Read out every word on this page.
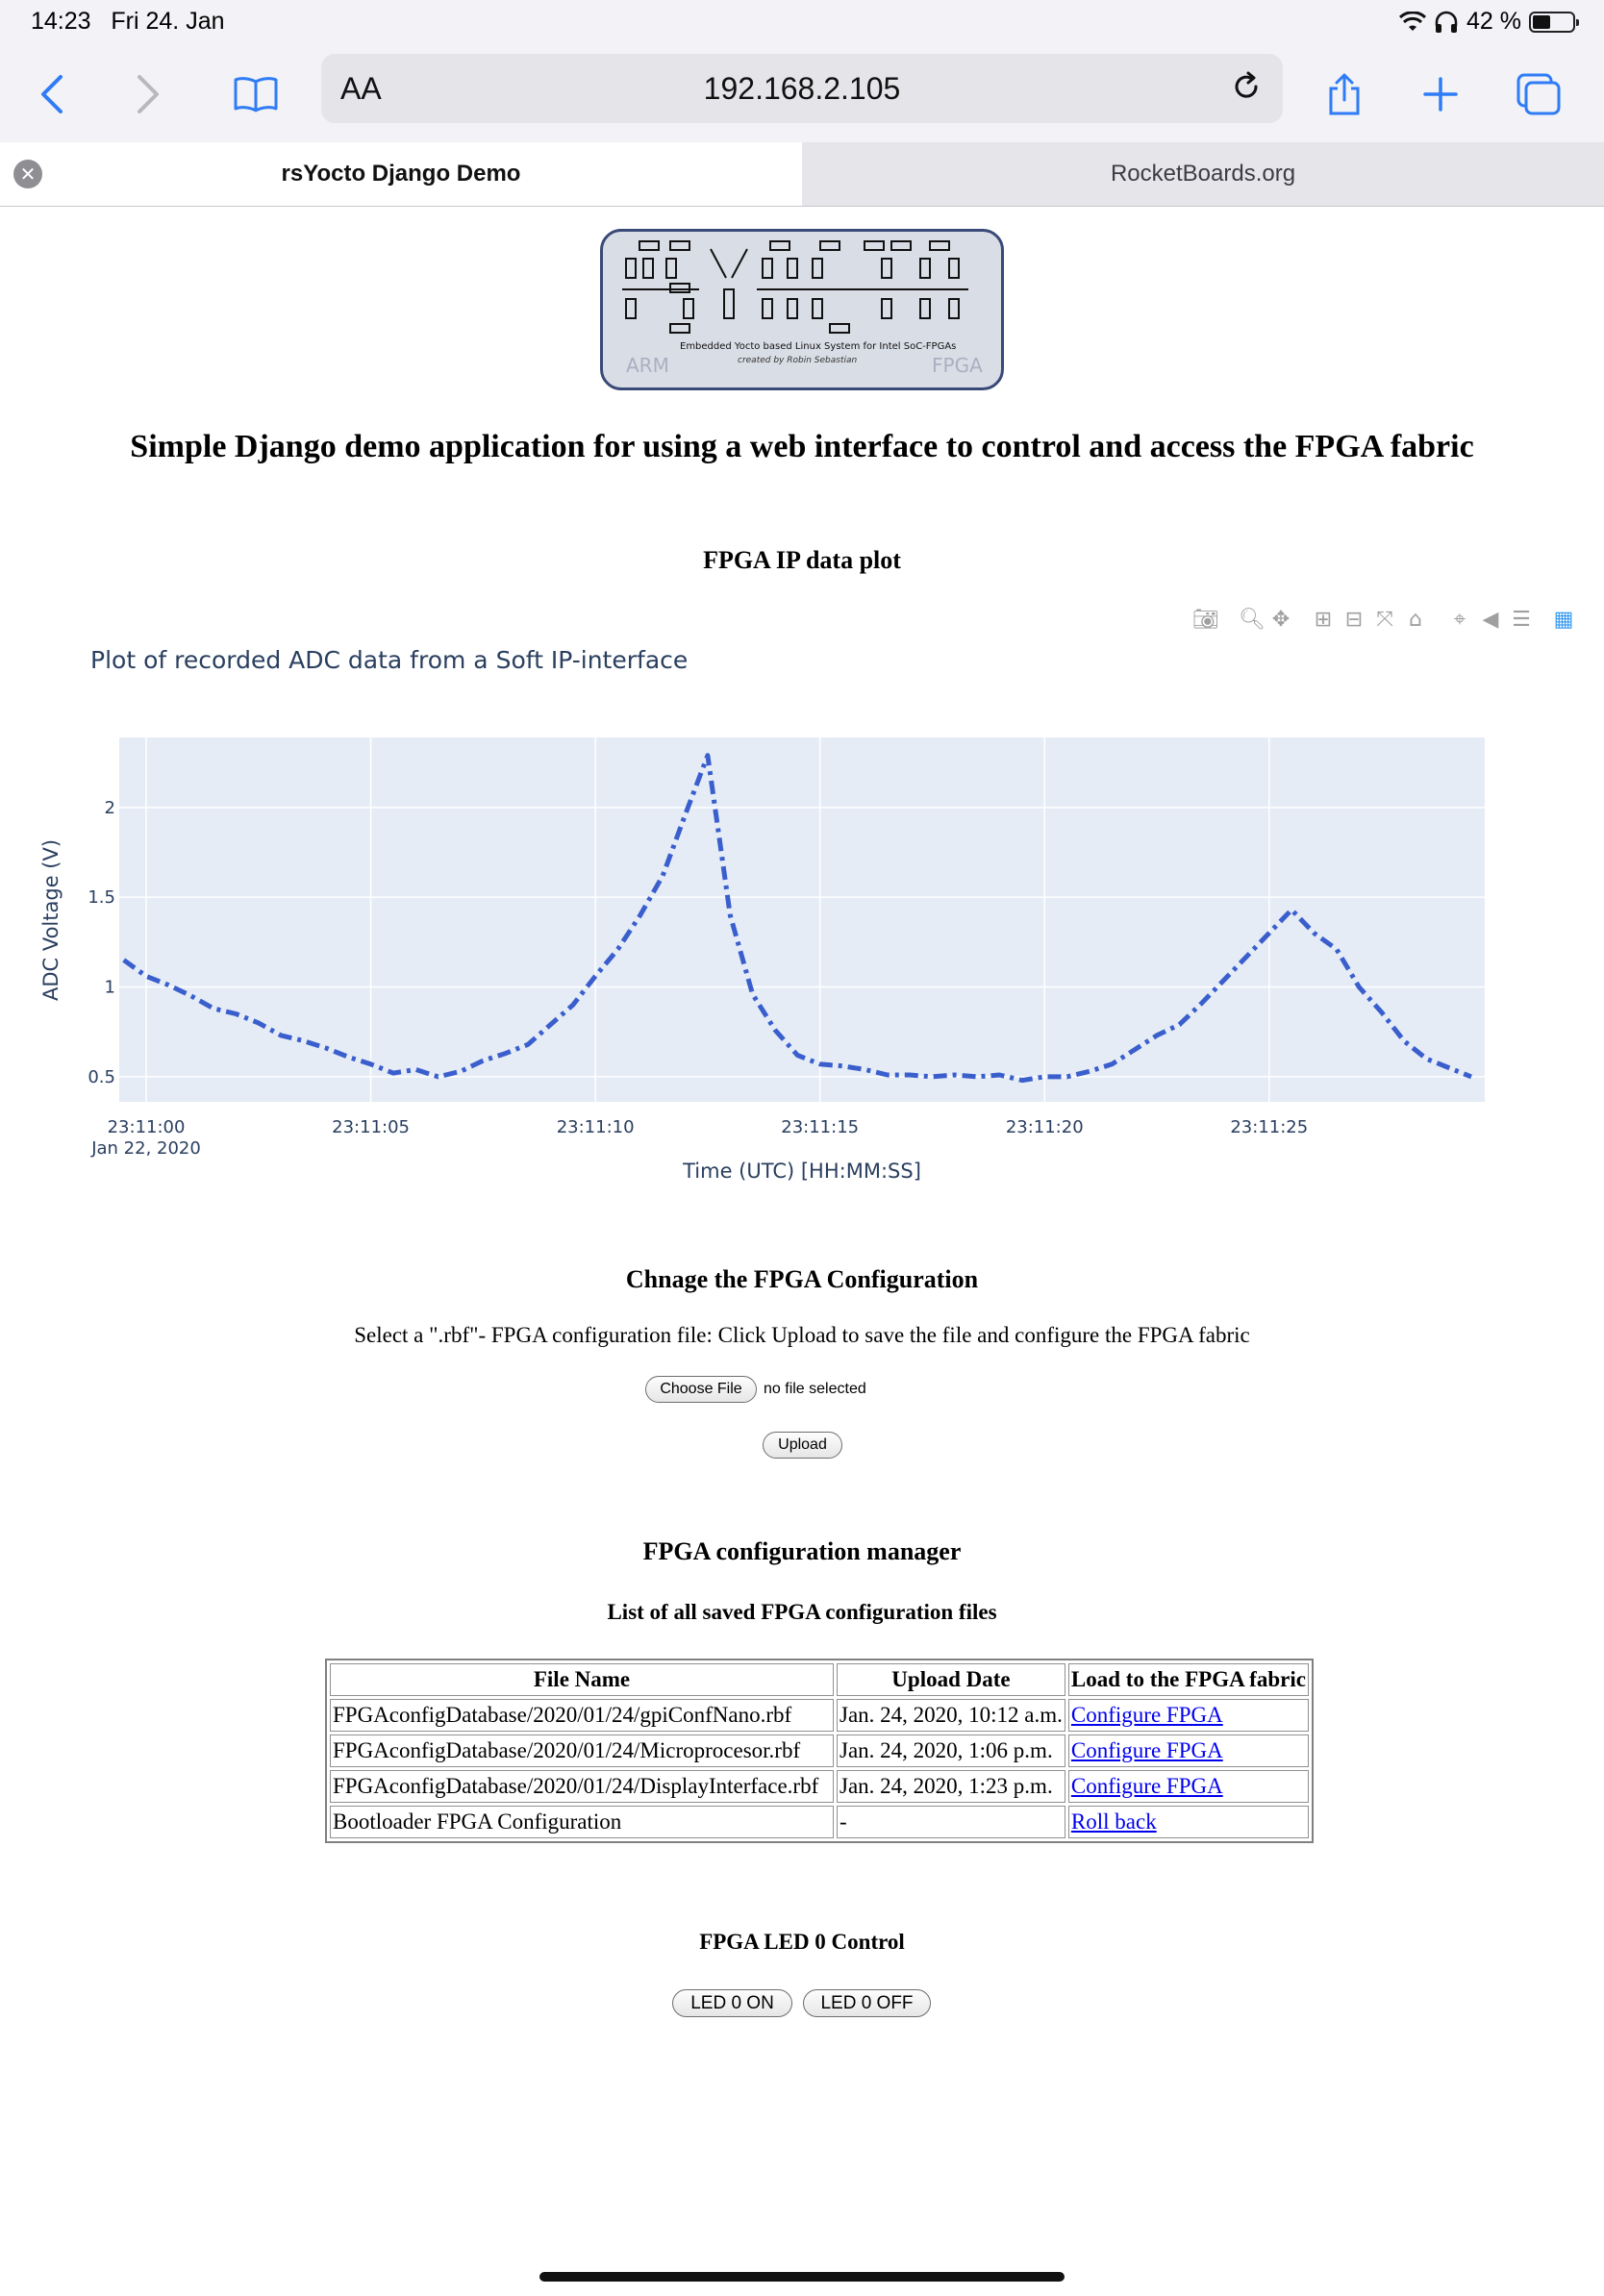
14:23 Fri 24. Jan	42 %
AA	192.168.2.105
rsYocto Django Demo
✕	RocketBoards.org
Embedded Yocto based Linux System for Intel SoC-FPGAs
created by Robin Sebastian
ARM	FPGA
Simple Django demo application for using a web interface to control and access the FPGA fabric
FPGA IP data plot
Plot of recorded ADC data from a Soft IP-interface
📷︎ 🔍︎ ✥ ⊞ ⊟ ⤧ ⌂ ⌖ ◀ ☰ ▦
0.5
1
1.5
2
23:11:00	23:11:05	23:11:10	23:11:15	23:11:20	23:11:25
Jan 22, 2020
Time (UTC) [HH:MM:SS]
ADC Voltage (V)
Chnage the FPGA Configuration
Select a ".rbf"- FPGA configuration file: Click Upload to save the file and configure the FPGA fabric
Choose File	no file selected
Upload
FPGA configuration manager
List of all saved FPGA configuration files
File Name	Upload Date	Load to the FPGA fabric
FPGAconfigDatabase/2020/01/24/gpiConfNano.rbf	Jan. 24, 2020, 10:12 a.m.	Configure FPGA
FPGAconfigDatabase/2020/01/24/Microprocesor.rbf	Jan. 24, 2020, 1:06 p.m.	Configure FPGA
FPGAconfigDatabase/2020/01/24/DisplayInterface.rbf	Jan. 24, 2020, 1:23 p.m.	Configure FPGA
Bootloader FPGA Configuration	-	Roll back
FPGA LED 0 Control
LED 0 ON	LED 0 OFF
